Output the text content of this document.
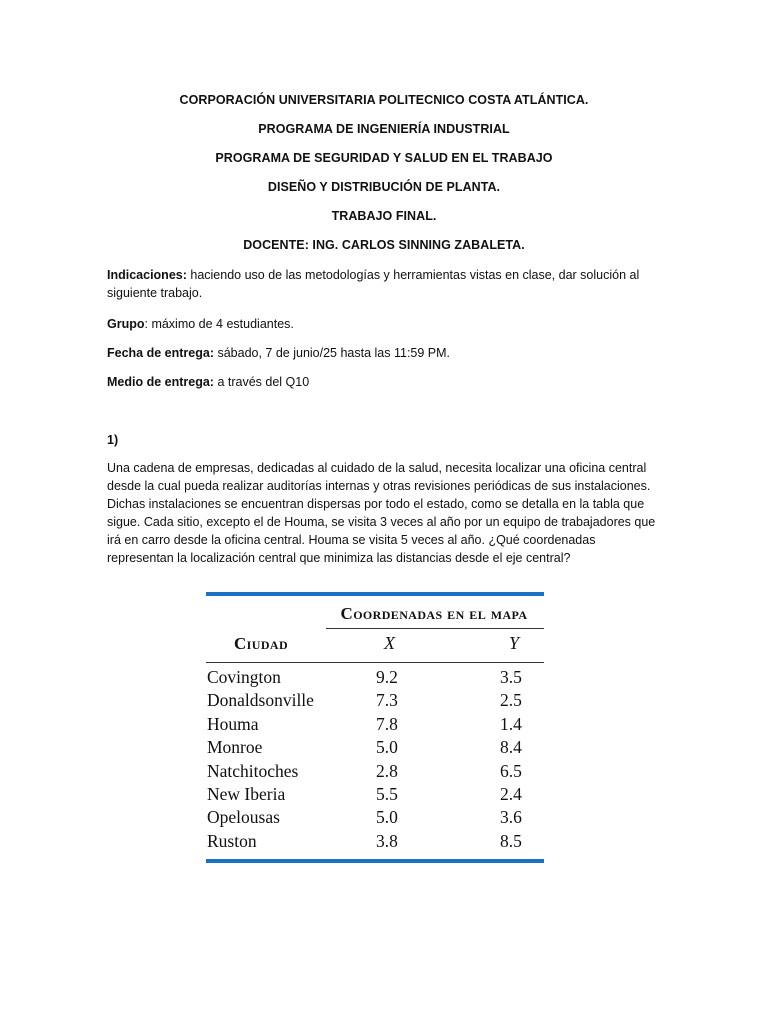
CORPORACIÓN UNIVERSITARIA POLITECNICO COSTA ATLÁNTICA.

PROGRAMA DE INGENIERÍA INDUSTRIAL

PROGRAMA DE SEGURIDAD Y SALUD EN EL TRABAJO

DISEÑO Y DISTRIBUCIÓN DE PLANTA.

TRABAJO FINAL.

DOCENTE: ING. CARLOS SINNING ZABALETA.

Indicaciones: haciendo uso de las metodologías y herramientas vistas en clase, dar solución al siguiente trabajo.

Grupo: máximo de 4 estudiantes.

Fecha de entrega: sábado, 7 de junio/25 hasta las 11:59 PM.

Medio de entrega: a través del Q10

1)

Una cadena de empresas, dedicadas al cuidado de la salud, necesita localizar una oficina central desde la cual pueda realizar auditorías internas y otras revisiones periódicas de sus instalaciones. Dichas instalaciones se encuentran dispersas por todo el estado, como se detalla en la tabla que sigue. Cada sitio, excepto el de Houma, se visita 3 veces al año por un equipo de trabajadores que irá en carro desde la oficina central. Houma se visita 5 veces al año. ¿Qué coordenadas representan la localización central que minimiza las distancias desde el eje central?

Coordenadas en el mapa
Ciudad	X	Y
Covington	9.2	3.5
Donaldsonville	7.3	2.5
Houma	7.8	1.4
Monroe	5.0	8.4
Natchitoches	2.8	6.5
New Iberia	5.5	2.4
Opelousas	5.0	3.6
Ruston	3.8	8.5
